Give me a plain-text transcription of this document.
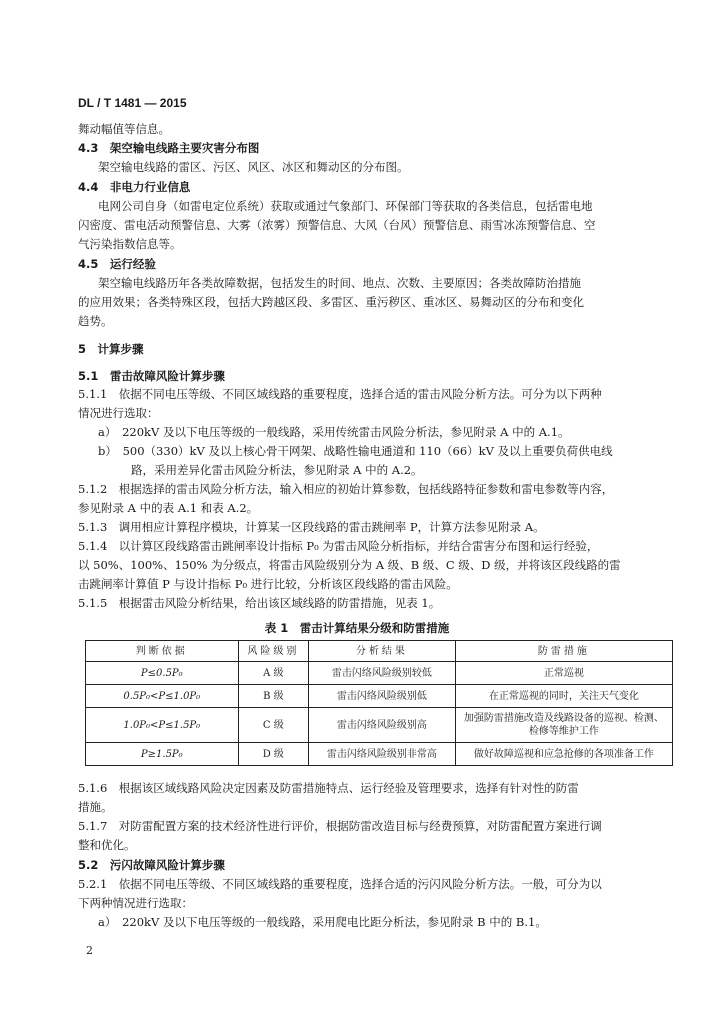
DL / T 1481 — 2015
舞动幅值等信息。
4.3　架空输电线路主要灾害分布图
架空输电线路的雷区、污区、风区、冰区和舞动区的分布图。
4.4　非电力行业信息
电网公司自身（如雷电定位系统）获取或通过气象部门、环保部门等获取的各类信息，包括雷电地
闪密度、雷电活动预警信息、大雾（浓雾）预警信息、大风（台风）预警信息、雨雪冰冻预警信息、空
气污染指数信息等。
4.5　运行经验
架空输电线路历年各类故障数据，包括发生的时间、地点、次数、主要原因；各类故障防治措施
的应用效果；各类特殊区段，包括大跨越区段、多雷区、重污秽区、重冰区、易舞动区的分布和变化
趋势。
5　计算步骤
5.1　雷击故障风险计算步骤
5.1.1　依据不同电压等级、不同区域线路的重要程度，选择合适的雷击风险分析方法。可分为以下两种
情况进行选取：
a）　220kV 及以下电压等级的一般线路，采用传统雷击风险分析法，参见附录 A 中的 A.1。
b）　500（330）kV 及以上核心骨干网架、战略性输电通道和 110（66）kV 及以上重要负荷供电线
路，采用差异化雷击风险分析法，参见附录 A 中的 A.2。
5.1.2　根据选择的雷击风险分析方法，输入相应的初始计算参数，包括线路特征参数和雷电参数等内容，
参见附录 A 中的表 A.1 和表 A.2。
5.1.3　调用相应计算程序模块，计算某一区段线路的雷击跳闸率 P，计算方法参见附录 A。
5.1.4　以计算区段线路雷击跳闸率设计指标 P₀ 为雷击风险分析指标，并结合雷害分布图和运行经验，
以 50%、100%、150% 为分级点，将雷击风险级别分为 A 级、B 级、C 级、D 级，并将该区段线路的雷
击跳闸率计算值 P 与设计指标 P₀ 进行比较，分析该区段线路的雷击风险。
5.1.5　根据雷击风险分析结果，给出该区域线路的防雷措施，见表 1。
表 1　雷击计算结果分级和防雷措施
判断依据	风险级别	分析结果	防雷措施
P≤0.5P₀	A 级	雷击闪络风险级别较低	正常巡视
0.5P₀<P≤1.0P₀	B 级	雷击闪络风险级别低	在正常巡视的同时，关注天气变化
1.0P₀<P≤1.5P₀	C 级	雷击闪络风险级别高	加强防雷措施改造及线路设备的巡视、检测、检修等维护工作
P≥1.5P₀	D 级	雷击闪络风险级别非常高	做好故障巡视和应急抢修的各项准备工作
5.1.6　根据该区域线路风险决定因素及防雷措施特点、运行经验及管理要求，选择有针对性的防雷
措施。
5.1.7　对防雷配置方案的技术经济性进行评价，根据防雷改造目标与经费预算，对防雷配置方案进行调
整和优化。
5.2　污闪故障风险计算步骤
5.2.1　依据不同电压等级、不同区域线路的重要程度，选择合适的污闪风险分析方法。一般，可分为以
下两种情况进行选取：
a）　220kV 及以下电压等级的一般线路，采用爬电比距分析法，参见附录 B 中的 B.1。
2
